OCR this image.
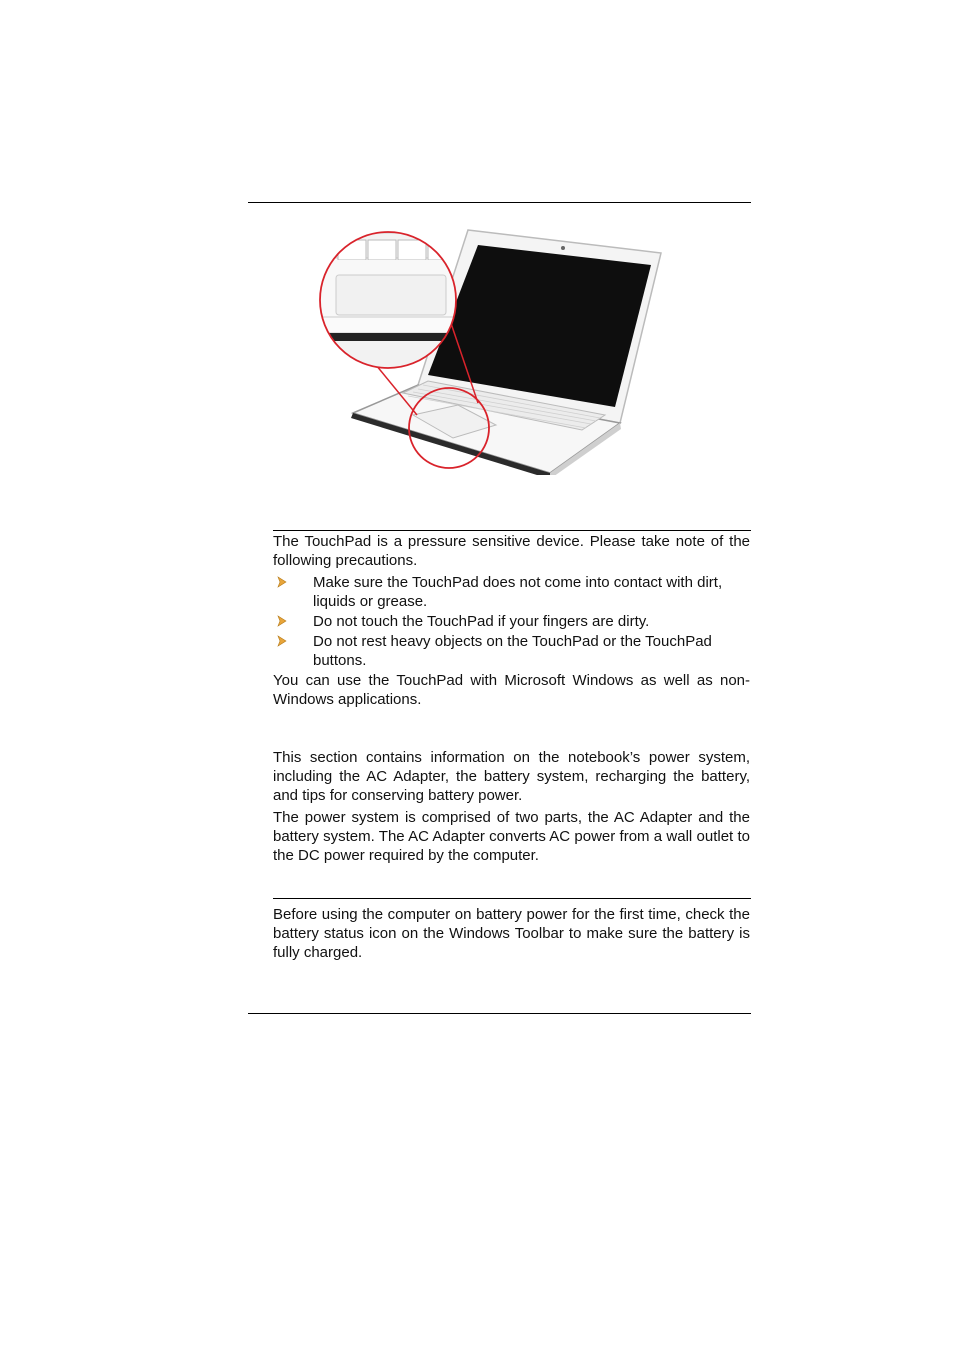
The TouchPad is a pressure sensitive device. Please take note of the following precautions.

Make sure the TouchPad does not come into contact with dirt, liquids or grease.
Do not touch the TouchPad if your fingers are dirty.
Do not rest heavy objects on the TouchPad or the TouchPad buttons.

You can use the TouchPad with Microsoft Windows as well as non-Windows applications.

This section contains information on the notebook’s power system, including the AC Adapter, the battery system, recharging the battery, and tips for conserving battery power.

The power system is comprised of two parts, the AC Adapter and the battery system. The AC Adapter converts AC power from a wall outlet to the DC power required by the computer.

Before using the computer on battery power for the first time, check the battery status icon on the Windows Toolbar to make sure the battery is fully charged.
